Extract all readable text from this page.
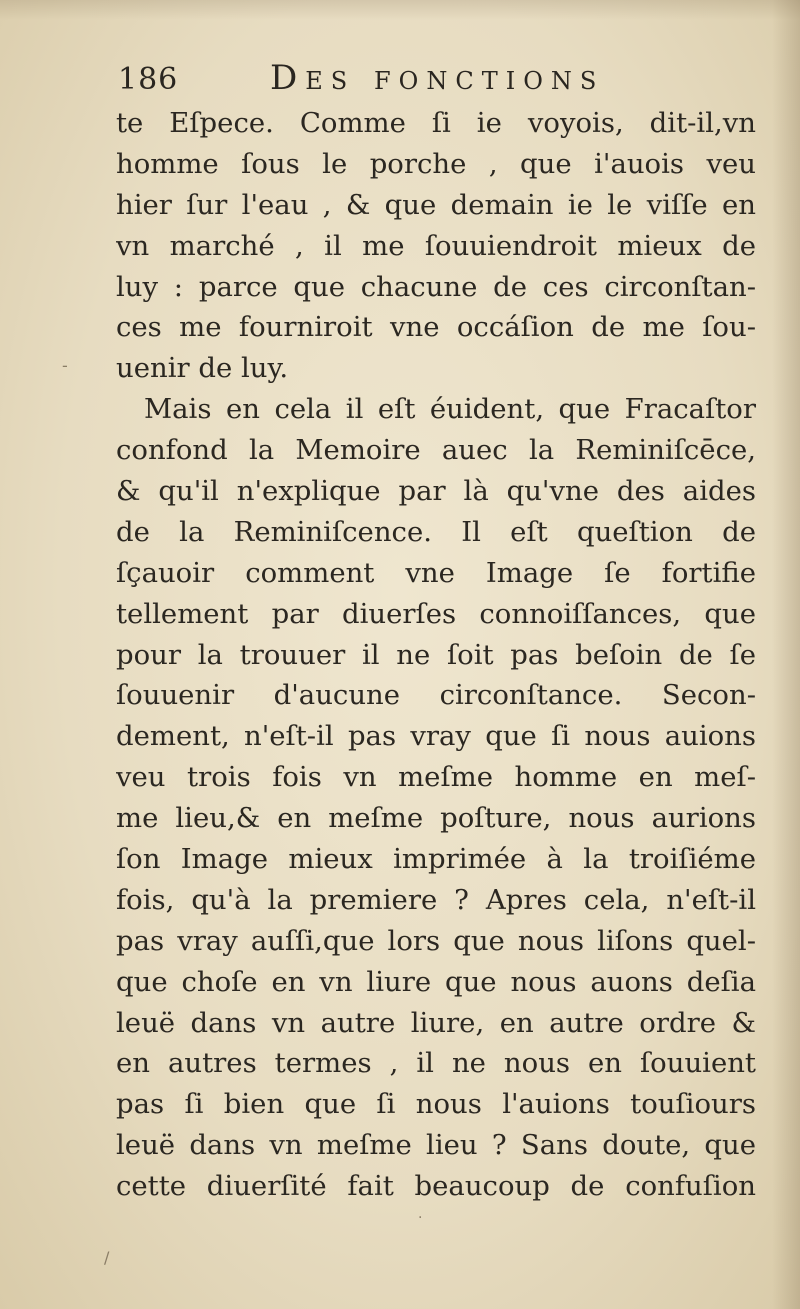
186	Des fonctions
te Eſpece. Comme ſi ie voyois, dit-il,vn
homme ſous le porche , que i'auois veu
hier ſur l'eau , & que demain ie le viſſe en
vn marché , il me ſouuiendroit mieux de
luy : parce que chacune de ces circonſtan-
ces me fourniroit vne occáſion de me ſou-
uenir de luy.
Mais en cela il eſt éuident, que Fracaſtor
confond la Memoire auec la Reminiſcēce,
& qu'il n'explique par là qu'vne des aides
de la Reminiſcence. Il eſt queſtion de
ſçauoir comment vne Image ſe fortifie
tellement par diuerſes connoiſſances, que
pour la trouuer il ne ſoit pas beſoin de ſe
ſouuenir d'aucune circonſtance. Secon-
dement, n'eſt-il pas vray que ſi nous auions
veu trois fois vn meſme homme en meſ-
me lieu,& en meſme poſture, nous aurions
ſon Image mieux imprimée à la troiſiéme
fois, qu'à la premiere ? Apres cela, n'eſt-il
pas vray auſſi,que lors que nous liſons quel-
que choſe en vn liure que nous auons deſia
leuë dans vn autre liure, en autre ordre &
en autres termes , il ne nous en ſouuient
pas ſi bien que ſi nous l'auions touſiours
leuë dans vn meſme lieu ? Sans doute, que
cette diuerſité fait beaucoup de confuſion
-
·
/
